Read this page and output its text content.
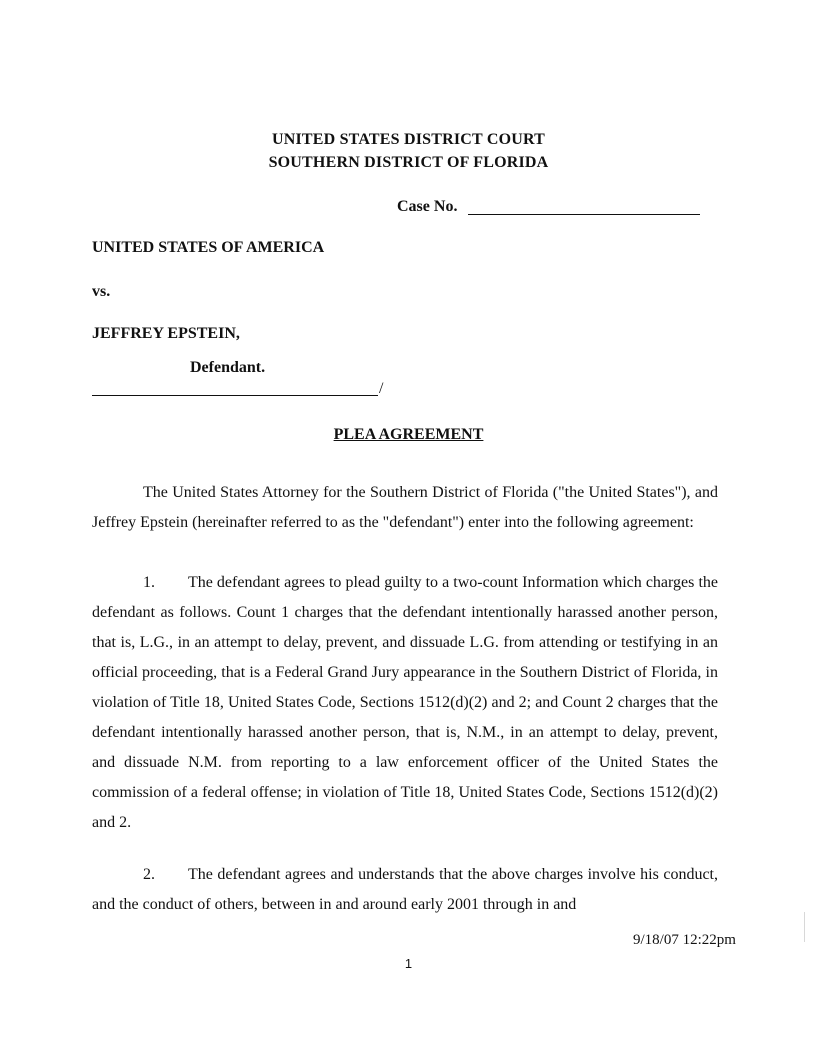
UNITED STATES DISTRICT COURT
SOUTHERN DISTRICT OF FLORIDA
Case No.
UNITED STATES OF AMERICA
vs.
JEFFREY EPSTEIN,
Defendant.
/
PLEA AGREEMENT
The United States Attorney for the Southern District of Florida ("the United States"), and Jeffrey Epstein (hereinafter referred to as the "defendant") enter into the following agreement:
1. The defendant agrees to plead guilty to a two-count Information which charges the defendant as follows. Count 1 charges that the defendant intentionally harassed another person, that is, L.G., in an attempt to delay, prevent, and dissuade L.G. from attending or testifying in an official proceeding, that is a Federal Grand Jury appearance in the Southern District of Florida, in violation of Title 18, United States Code, Sections 1512(d)(2) and 2; and Count 2 charges that the defendant intentionally harassed another person, that is, N.M., in an attempt to delay, prevent, and dissuade N.M. from reporting to a law enforcement officer of the United States the commission of a federal offense; in violation of Title 18, United States Code, Sections 1512(d)(2) and 2.
2. The defendant agrees and understands that the above charges involve his conduct, and the conduct of others, between in and around early 2001 through in and
9/18/07 12:22pm
1
